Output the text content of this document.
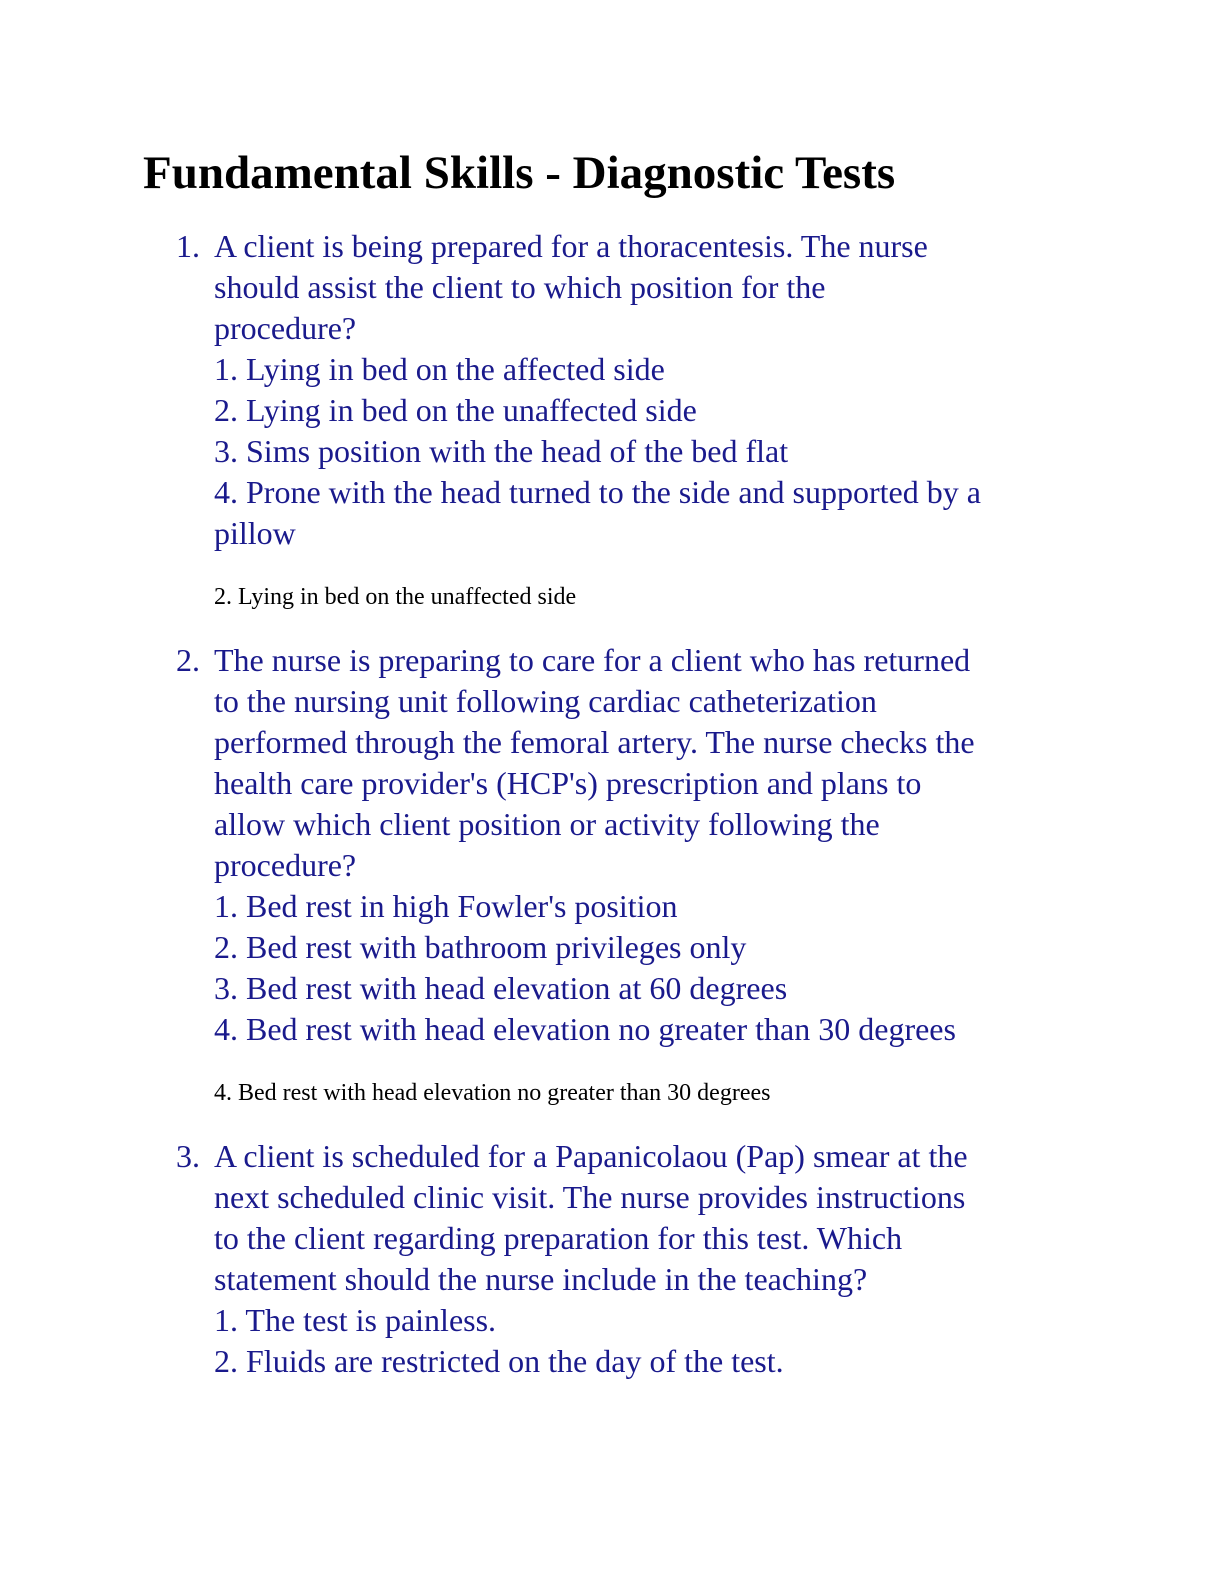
Fundamental Skills - Diagnostic Tests
1. A client is being prepared for a thoracentesis. The nurse
should assist the client to which position for the
procedure?
1. Lying in bed on the affected side
2. Lying in bed on the unaffected side
3. Sims position with the head of the bed flat
4. Prone with the head turned to the side and supported by a
pillow
2. Lying in bed on the unaffected side
2. The nurse is preparing to care for a client who has returned
to the nursing unit following cardiac catheterization
performed through the femoral artery. The nurse checks the
health care provider's (HCP's) prescription and plans to
allow which client position or activity following the
procedure?
1. Bed rest in high Fowler's position
2. Bed rest with bathroom privileges only
3. Bed rest with head elevation at 60 degrees
4. Bed rest with head elevation no greater than 30 degrees
4. Bed rest with head elevation no greater than 30 degrees
3. A client is scheduled for a Papanicolaou (Pap) smear at the
next scheduled clinic visit. The nurse provides instructions
to the client regarding preparation for this test. Which
statement should the nurse include in the teaching?
1. The test is painless.
2. Fluids are restricted on the day of the test.
